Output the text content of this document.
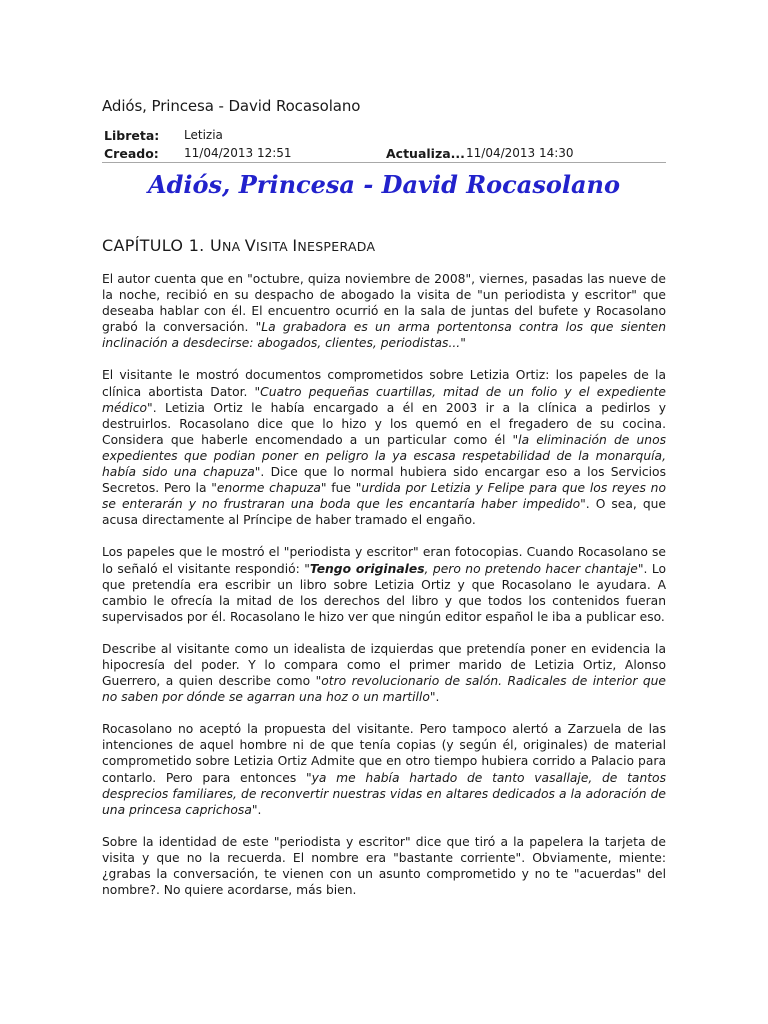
Adiós, Princesa - David Rocasolano
Libreta: Letizia
Creado: 11/04/2013 12:51	Actualiza... 11/04/2013 14:30
Adiós, Princesa - David Rocasolano
CAPÍTULO 1. UNA VISITA INESPERADA

El autor cuenta que en "octubre, quiza noviembre de 2008", viernes, pasadas las nueve de la noche, recibió en su despacho de abogado la visita de "un periodista y escritor" que deseaba hablar con él. El encuentro ocurrió en la sala de juntas del bufete y Rocasolano grabó la conversación. "La grabadora es un arma portentonsa contra los que sienten inclinación a desdecirse: abogados, clientes, periodistas..."

El visitante le mostró documentos comprometidos sobre Letizia Ortiz: los papeles de la clínica abortista Dator. "Cuatro pequeñas cuartillas, mitad de un folio y el expediente médico". Letizia Ortiz le había encargado a él en 2003 ir a la clínica a pedirlos y destruirlos. Rocasolano dice que lo hizo y los quemó en el fregadero de su cocina. Considera que haberle encomendado a un particular como él "la eliminación de unos expedientes que podian poner en peligro la ya escasa respetabilidad de la monarquía, había sido una chapuza". Dice que lo normal hubiera sido encargar eso a los Servicios Secretos. Pero la "enorme chapuza" fue "urdida por Letizia y Felipe para que los reyes no se enterarán y no frustraran una boda que les encantaría haber impedido". O sea, que acusa directamente al Príncipe de haber tramado el engaño.

Los papeles que le mostró el "periodista y escritor" eran fotocopias. Cuando Rocasolano se lo señaló el visitante respondió: "Tengo originales, pero no pretendo hacer chantaje". Lo que pretendía era escribir un libro sobre Letizia Ortiz y que Rocasolano le ayudara. A cambio le ofrecía la mitad de los derechos del libro y que todos los contenidos fueran supervisados por él. Rocasolano le hizo ver que ningún editor español le iba a publicar eso.

Describe al visitante como un idealista de izquierdas que pretendía poner en evidencia la hipocresía del poder. Y lo compara como el primer marido de Letizia Ortiz, Alonso Guerrero, a quien describe como "otro revolucionario de salón. Radicales de interior que no saben por dónde se agarran una hoz o un martillo".

Rocasolano no aceptó la propuesta del visitante. Pero tampoco alertó a Zarzuela de las intenciones de aquel hombre ni de que tenía copias (y según él, originales) de material comprometido sobre Letizia Ortiz Admite que en otro tiempo hubiera corrido a Palacio para contarlo. Pero para entonces "ya me había hartado de tanto vasallaje, de tantos desprecios familiares, de reconvertir nuestras vidas en altares dedicados a la adoración de una princesa caprichosa".

Sobre la identidad de este "periodista y escritor" dice que tiró a la papelera la tarjeta de visita y que no la recuerda. El nombre era "bastante corriente". Obviamente, miente: ¿grabas la conversación, te vienen con un asunto comprometido y no te "acuerdas" del nombre?. No quiere acordarse, más bien.
